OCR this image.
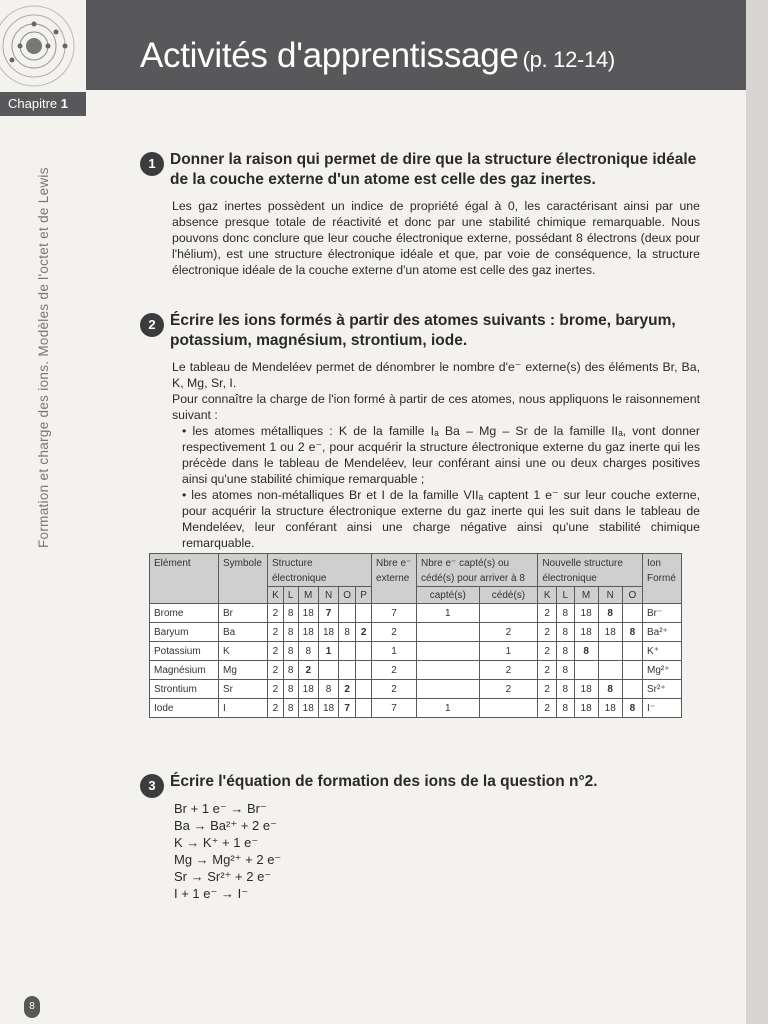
Activités d'apprentissage (p. 12-14)
Chapitre 1
Formation et charge des ions. Modèles de l'octet et de Lewis
1 Donner la raison qui permet de dire que la structure électronique idéale de la couche externe d'un atome est celle des gaz inertes.

Les gaz inertes possèdent un indice de propriété égal à 0, les caractérisant ainsi par une absence presque totale de réactivité et donc par une stabilité chimique remarquable. Nous pouvons donc conclure que leur couche électronique externe, possédant 8 électrons (deux pour l'hélium), est une structure électronique idéale et que, par voie de conséquence, la structure électronique idéale de la couche externe d'un atome est celle des gaz inertes.

2 Écrire les ions formés à partir des atomes suivants : brome, baryum, potassium, magnésium, strontium, iode.

Le tableau de Mendeléev permet de dénombrer le nombre d'e⁻ externe(s) des éléments Br, Ba, K, Mg, Sr, I.

Pour connaître la charge de l'ion formé à partir de ces atomes, nous appliquons le raisonnement suivant :

• les atomes métalliques : K de la famille Iₐ Ba – Mg – Sr de la famille IIₐ, vont donner respectivement 1 ou 2 e⁻, pour acquérir la structure électronique externe du gaz inerte qui les précède dans le tableau de Mendeléev, leur conférant ainsi une ou deux charges positives ainsi qu'une stabilité chimique remarquable ;

• les atomes non-métalliques Br et I de la famille VIIₐ captent 1 e⁻ sur leur couche externe, pour acquérir la structure électronique externe du gaz inerte qui les suit dans le tableau de Mendeléev, leur conférant ainsi une charge négative ainsi qu'une stabilité chimique remarquable.

Elément	Symbole	Structure électronique						Nbre e⁻ externe	Nbre e⁻ capté(s) ou cédé(s) pour arriver à 8		Nouvelle structure électronique					Ion Formé
		K	L	M	N	O	P		capté(s)	cédé(s)	K	L	M	N	O	
Brome	Br	2	8	18	7			7	1		2	8	18	8		Br⁻
Baryum	Ba	2	8	18	18	8	2	2		2	2	8	18	18	8	Ba²⁺
Potassium	K	2	8	8	1			1		1	2	8	8			K⁺
Magnésium	Mg	2	8	2				2		2	2	8				Mg²⁺
Strontium	Sr	2	8	18	8	2		2		2	2	8	18	8		Sr²⁺
Iode	I	2	8	18	18	7		7	1		2	8	18	18	8	I⁻
3 Écrire l'équation de formation des ions de la question n°2.

Br + 1 e⁻ → Br⁻
Ba → Ba²⁺ + 2 e⁻
K → K⁺ + 1 e⁻
Mg → Mg²⁺ + 2 e⁻
Sr → Sr²⁺ + 2 e⁻
I + 1 e⁻ → I⁻
8
